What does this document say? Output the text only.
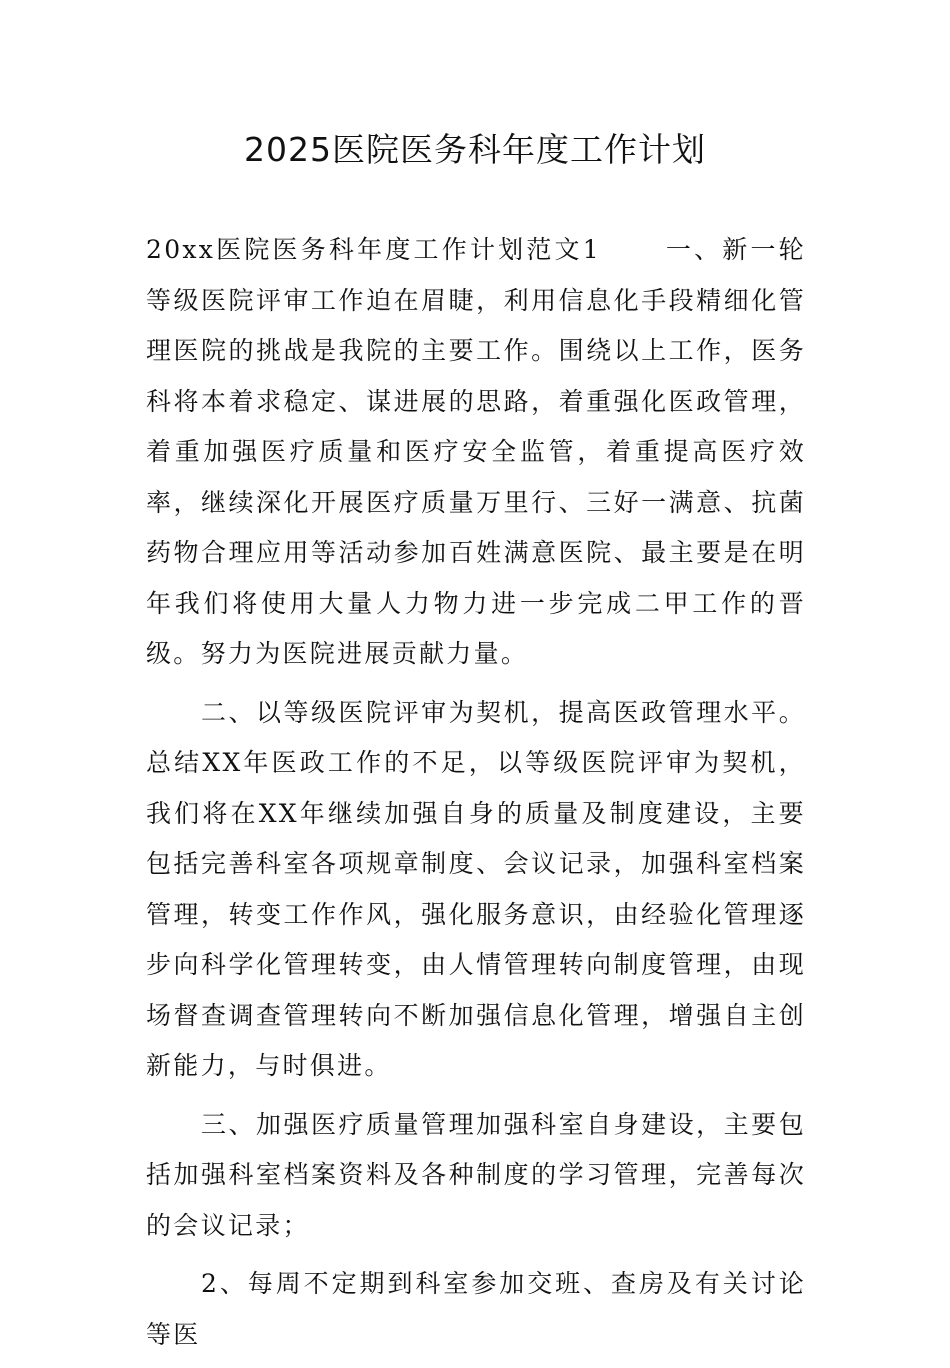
2025医院医务科年度工作计划

20xx医院医务科年度工作计划范文1	一、新一轮等级医院评审工作迫在眉睫，利用信息化手段精细化管理医院的挑战是我院的主要工作。围绕以上工作，医务科将本着求稳定、谋进展的思路，着重强化医政管理，着重加强医疗质量和医疗安全监管，着重提高医疗效率，继续深化开展医疗质量万里行、三好一满意、抗菌药物合理应用等活动参加百姓满意医院、最主要是在明年我们将使用大量人力物力进一步完成二甲工作的晋级。努力为医院进展贡献力量。

二、以等级医院评审为契机，提高医政管理水平。总结XX年医政工作的不足，以等级医院评审为契机，我们将在XX年继续加强自身的质量及制度建设，主要包括完善科室各项规章制度、会议记录，加强科室档案管理，转变工作作风，强化服务意识，由经验化管理逐步向科学化管理转变，由人情管理转向制度管理，由现场督查调查管理转向不断加强信息化管理，增强自主创新能力，与时俱进。

三、加强医疗质量管理加强科室自身建设，主要包括加强科室档案资料及各种制度的学习管理，完善每次的会议记录；

2、每周不定期到科室参加交班、查房及有关讨论等医
